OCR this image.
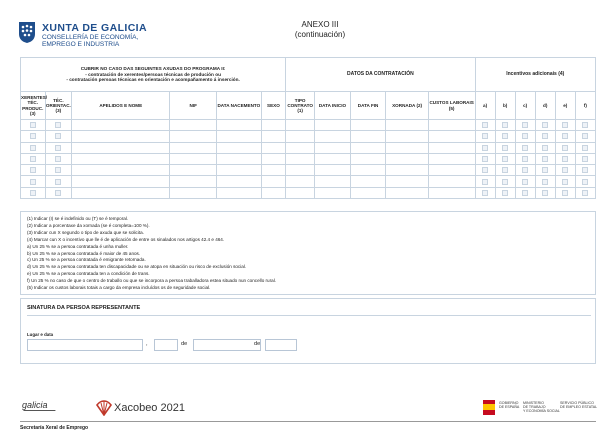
XUNTA DE GALICIA
CONSELLERÍA DE ECONOMÍA,
EMPREGO E INDUSTRIA
ANEXO III
(continuación)
CUBRIR NO CASO DAS SEGUINTES AXUDAS DO PROGRAMA II:
- contratación de xerentes/persoas técnicas de produción ou
- contratación persoas técnicas en orientación e acompañamento á inserción.						DATOS DA CONTRATACIÓN					Incentivos adicionais (4)					
XERENTES/ TÉC. PRODUC. (3)	TÉC. ORIENTAC. (3)	APELIDOS E NOME	NIF	DATA NACEMENTO	SEXO	TIPO CONTRATO (1)	DATA INICIO	DATA FIN	XORNADA (2)	CUSTOS LABORAIS (5)	a)	b)	c)	d)	e)	f)

(1) Indicar (I) se é indefinido ou (T) se é temporal.
(2) Indicar a porcentaxe da xornada (se é completa=100 %).
(3) Indicar cun X segundo o tipo de axuda que se solicita.
(4) Marcar cun X o incentivo que lle é de aplicación de entre os sinalados nos artigos 42.4 e 464.
a) Un 25 % se a persoa contratada é unha muller.
b) Un 25 % se a persoa contratada é maior de 45 anos.
c) Un 25 % se a persoa contratada é emigrante retornada.
d) Un 25 % se a persoa contratada ten discapacidade ou se atopa en situación ou risco de exclusión social.
e) Un 25 % se a persoa contratada ten a condición de trans.
f) Un 25 % no caso de que o centro de traballo ou que se incorpora a persoa traballadora estea situado nun concello rural.
(5) Indicar os custos laborais totais a cargo da empresa incluídos os de seguridade social.
SINATURA DA PERSOA REPRESENTANTE
Lugar e data
,	de	de
galicia	Xacobeo 2021	GOBIERNO
DE ESPAÑA
MINISTERIO
DE TRABAJO
Y ECONOMÍA SOCIAL
SERVICIO PÚBLICO
DE EMPLEO ESTATAL
Secretaría Xeral de Emprego
